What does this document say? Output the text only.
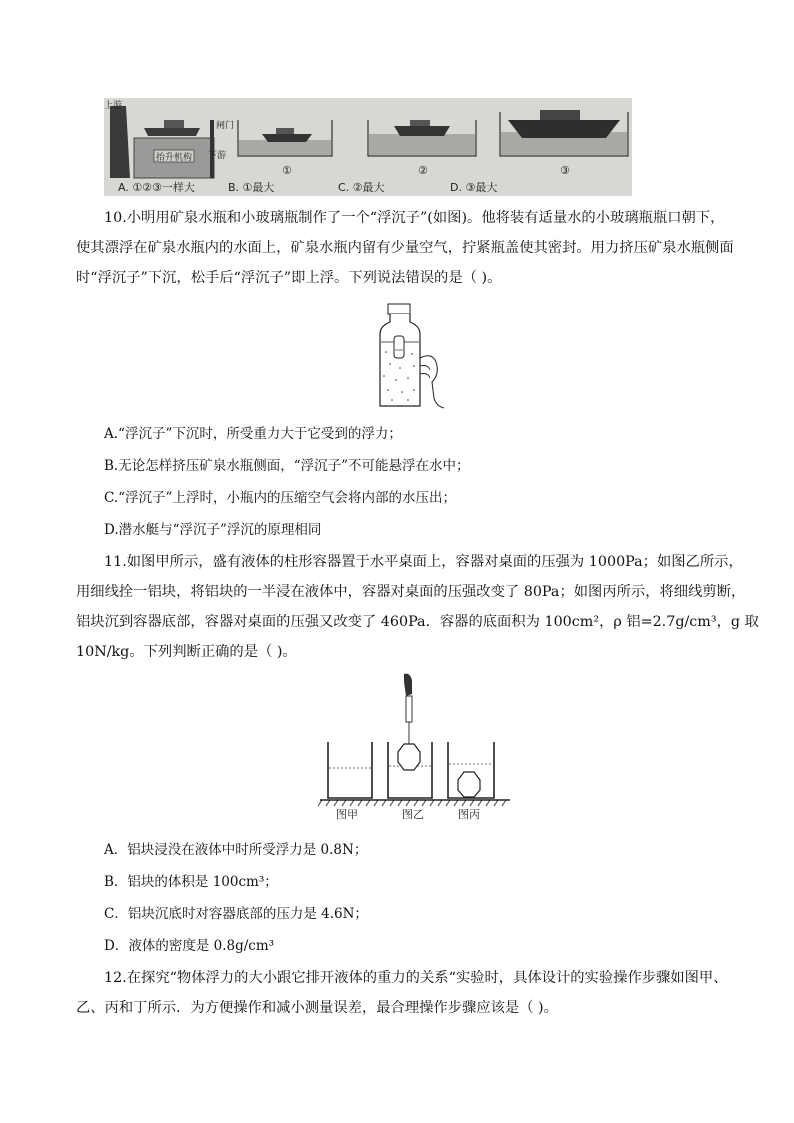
上游
闸门
抬升机构 下游
①	②	③
A. ①②③一样大	B. ①最大	C. ②最大	D. ③最大
10.小明用矿泉水瓶和小玻璃瓶制作了一个“浮沉子”(如图)。他将装有适量水的小玻璃瓶瓶口朝下，
使其漂浮在矿泉水瓶内的水面上，矿泉水瓶内留有少量空气，拧紧瓶盖使其密封。用力挤压矿泉水瓶侧面
时“浮沉子”下沉，松手后“浮沉子”即上浮。下列说法错误的是（ )。
A.“浮沉子”下沉时，所受重力大于它受到的浮力；
B.无论怎样挤压矿泉水瓶侧面，“浮沉子”不可能悬浮在水中；
C.“浮沉子”上浮时，小瓶内的压缩空气会将内部的水压出；
D.潜水艇与“浮沉子”浮沉的原理相同
11.如图甲所示，盛有液体的柱形容器置于水平桌面上，容器对桌面的压强为 1000Pa；如图乙所示，
用细线拴一铝块，将铝块的一半浸在液体中，容器对桌面的压强改变了 80Pa；如图丙所示，将细线剪断，
铝块沉到容器底部，容器对桌面的压强又改变了 460Pa．容器的底面积为 100cm²，ρ 铝=2.7g/cm³，g 取
10N/kg。下列判断正确的是（ )。
图甲	图乙	图丙
A．铝块浸没在液体中时所受浮力是 0.8N；
B．铝块的体积是 100cm³；
C．铝块沉底时对容器底部的压力是 4.6N；
D．液体的密度是 0.8g/cm³
12.在探究“物体浮力的大小跟它排开液体的重力的关系“实验时，具体设计的实验操作步骤如图甲、
乙、丙和丁所示．为方便操作和减小测量误差，最合理操作步骤应该是（ )。
